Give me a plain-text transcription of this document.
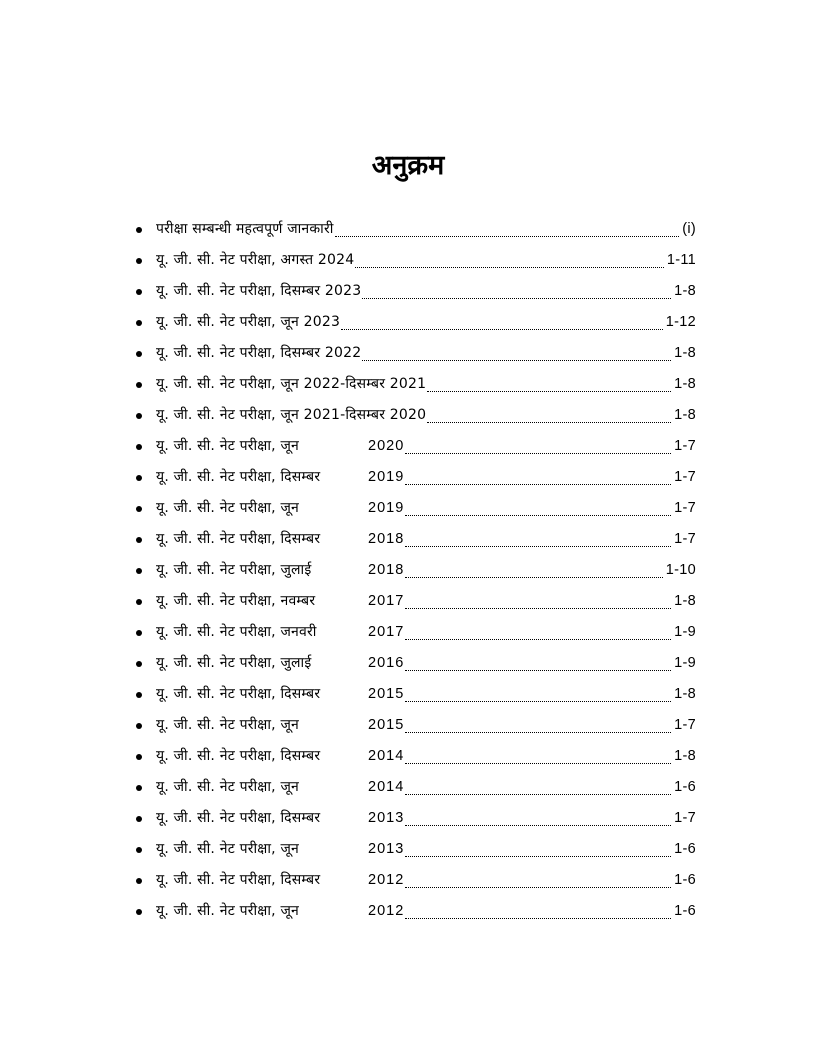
अनुक्रम
परीक्षा सम्बन्धी महत्वपूर्ण जानकारी	(i)
यू. जी. सी. नेट परीक्षा, अगस्त 2024	1-11
यू. जी. सी. नेट परीक्षा, दिसम्बर 2023	1-8
यू. जी. सी. नेट परीक्षा, जून 2023	1-12
यू. जी. सी. नेट परीक्षा, दिसम्बर 2022	1-8
यू. जी. सी. नेट परीक्षा, जून 2022-दिसम्बर 2021	1-8
यू. जी. सी. नेट परीक्षा, जून 2021-दिसम्बर 2020	1-8
यू. जी. सी. नेट परीक्षा, जून	2020	1-7
यू. जी. सी. नेट परीक्षा, दिसम्बर	2019	1-7
यू. जी. सी. नेट परीक्षा, जून	2019	1-7
यू. जी. सी. नेट परीक्षा, दिसम्बर	2018	1-7
यू. जी. सी. नेट परीक्षा, जुलाई	2018	1-10
यू. जी. सी. नेट परीक्षा, नवम्बर	2017	1-8
यू. जी. सी. नेट परीक्षा, जनवरी	2017	1-9
यू. जी. सी. नेट परीक्षा, जुलाई	2016	1-9
यू. जी. सी. नेट परीक्षा, दिसम्बर	2015	1-8
यू. जी. सी. नेट परीक्षा, जून	2015	1-7
यू. जी. सी. नेट परीक्षा, दिसम्बर	2014	1-8
यू. जी. सी. नेट परीक्षा, जून	2014	1-6
यू. जी. सी. नेट परीक्षा, दिसम्बर	2013	1-7
यू. जी. सी. नेट परीक्षा, जून	2013	1-6
यू. जी. सी. नेट परीक्षा, दिसम्बर	2012	1-6
यू. जी. सी. नेट परीक्षा, जून	2012	1-6
